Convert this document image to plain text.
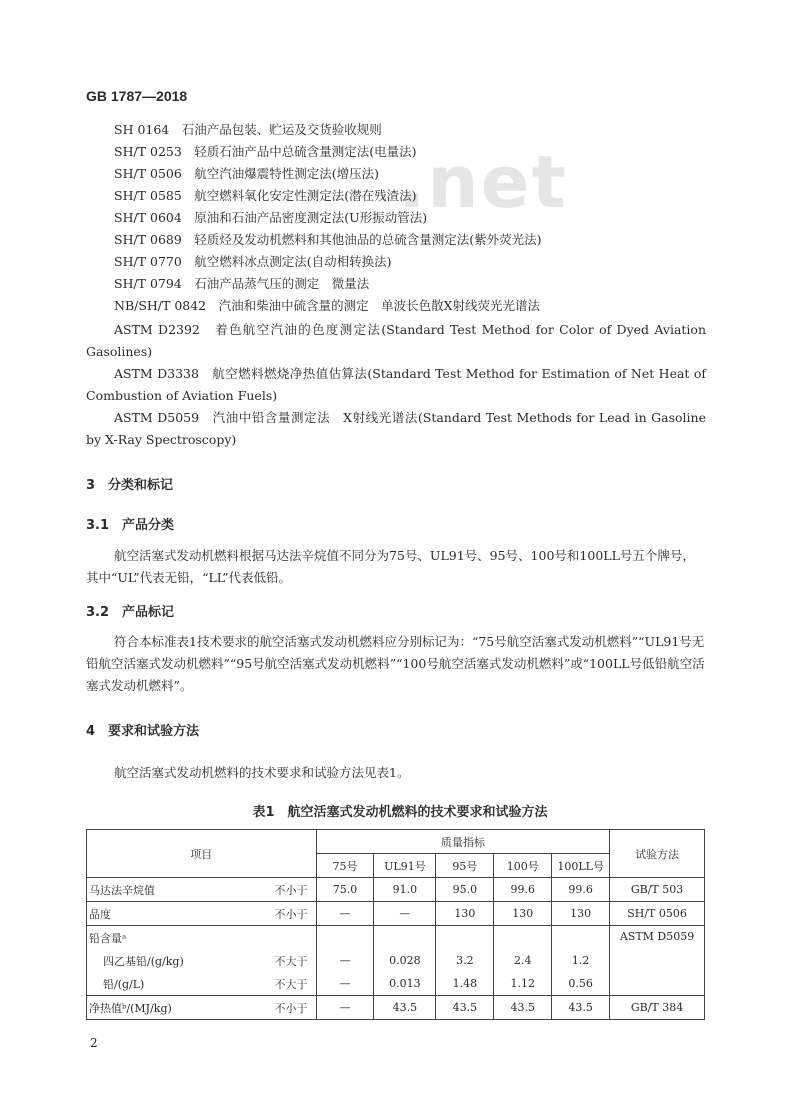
GB 1787—2018
.net
SH 0164　石油产品包装、贮运及交货验收规则
SH/T 0253　轻质石油产品中总硫含量测定法(电量法)
SH/T 0506　航空汽油爆震特性测定法(增压法)
SH/T 0585　航空燃料氧化安定性测定法(潜在残渣法)
SH/T 0604　原油和石油产品密度测定法(U形振动管法)
SH/T 0689　轻质烃及发动机燃料和其他油品的总硫含量测定法(紫外荧光法)
SH/T 0770　航空燃料冰点测定法(自动相转换法)
SH/T 0794　石油产品蒸气压的测定　微量法
NB/SH/T 0842　汽油和柴油中硫含量的测定　单波长色散X射线荧光光谱法
ASTM D2392　着色航空汽油的色度测定法(Standard Test Method for Color of Dyed Aviation Gasolines)
ASTM D3338　航空燃料燃烧净热值估算法(Standard Test Method for Estimation of Net Heat of Combustion of Aviation Fuels)
ASTM D5059　汽油中铅含量测定法　X射线光谱法(Standard Test Methods for Lead in Gasoline by X-Ray Spectroscopy)
3　分类和标记
3.1　产品分类
航空活塞式发动机燃料根据马达法辛烷值不同分为75号、UL91号、95号、100号和100LL号五个牌号，其中“UL”代表无铅，“LL”代表低铅。
3.2　产品标记
符合本标准表1技术要求的航空活塞式发动机燃料应分别标记为：“75号航空活塞式发动机燃料”“UL91号无铅航空活塞式发动机燃料”“95号航空活塞式发动机燃料”“100号航空活塞式发动机燃料”或“100LL号低铅航空活塞式发动机燃料”。
4　要求和试验方法
航空活塞式发动机燃料的技术要求和试验方法见表1。
表1　航空活塞式发动机燃料的技术要求和试验方法
项目	质量指标					试验方法
	75号	UL91号	95号	100号	100LL号	

马达法辛烷值 不小于	75.0	91.0	95.0	99.6	99.6	GB/T 503

品度 不小于	—	—	130	130	130	SH/T 0506
铅含量ᵃ						ASTM D5059

四乙基铅/(g/kg) 不大于	—	0.028	3.2	2.4	1.2	

铅/(g/L) 不大于	—	0.013	1.48	1.12	0.56	

净热值ᵇ/(MJ/kg) 不小于	—	43.5	43.5	43.5	43.5	GB/T 384
2
